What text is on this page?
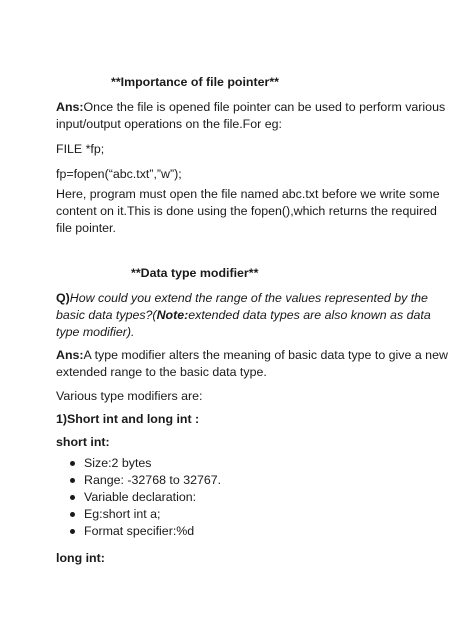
**Importance of file pointer**
Ans:Once the file is opened file pointer can be used to perform various
input/output operations on the file.For eg:
FILE *fp;
fp=fopen(“abc.txt”,”w”);
Here, program must open the file named abc.txt before we write some
content on it.This is done using the fopen(),which returns the required
file pointer.
**Data type modifier**
Q)How could you extend the range of the values represented by the
basic data types?(Note:extended data types are also known as data
type modifier).
Ans:A type modifier alters the meaning of basic data type to give a new
extended range to the basic data type.
Various type modifiers are:
1)Short int and long int :
short int:
Size:2 bytes
Range: -32768 to 32767.
Variable declaration:
Eg:short int a;
Format specifier:%d
long int:
